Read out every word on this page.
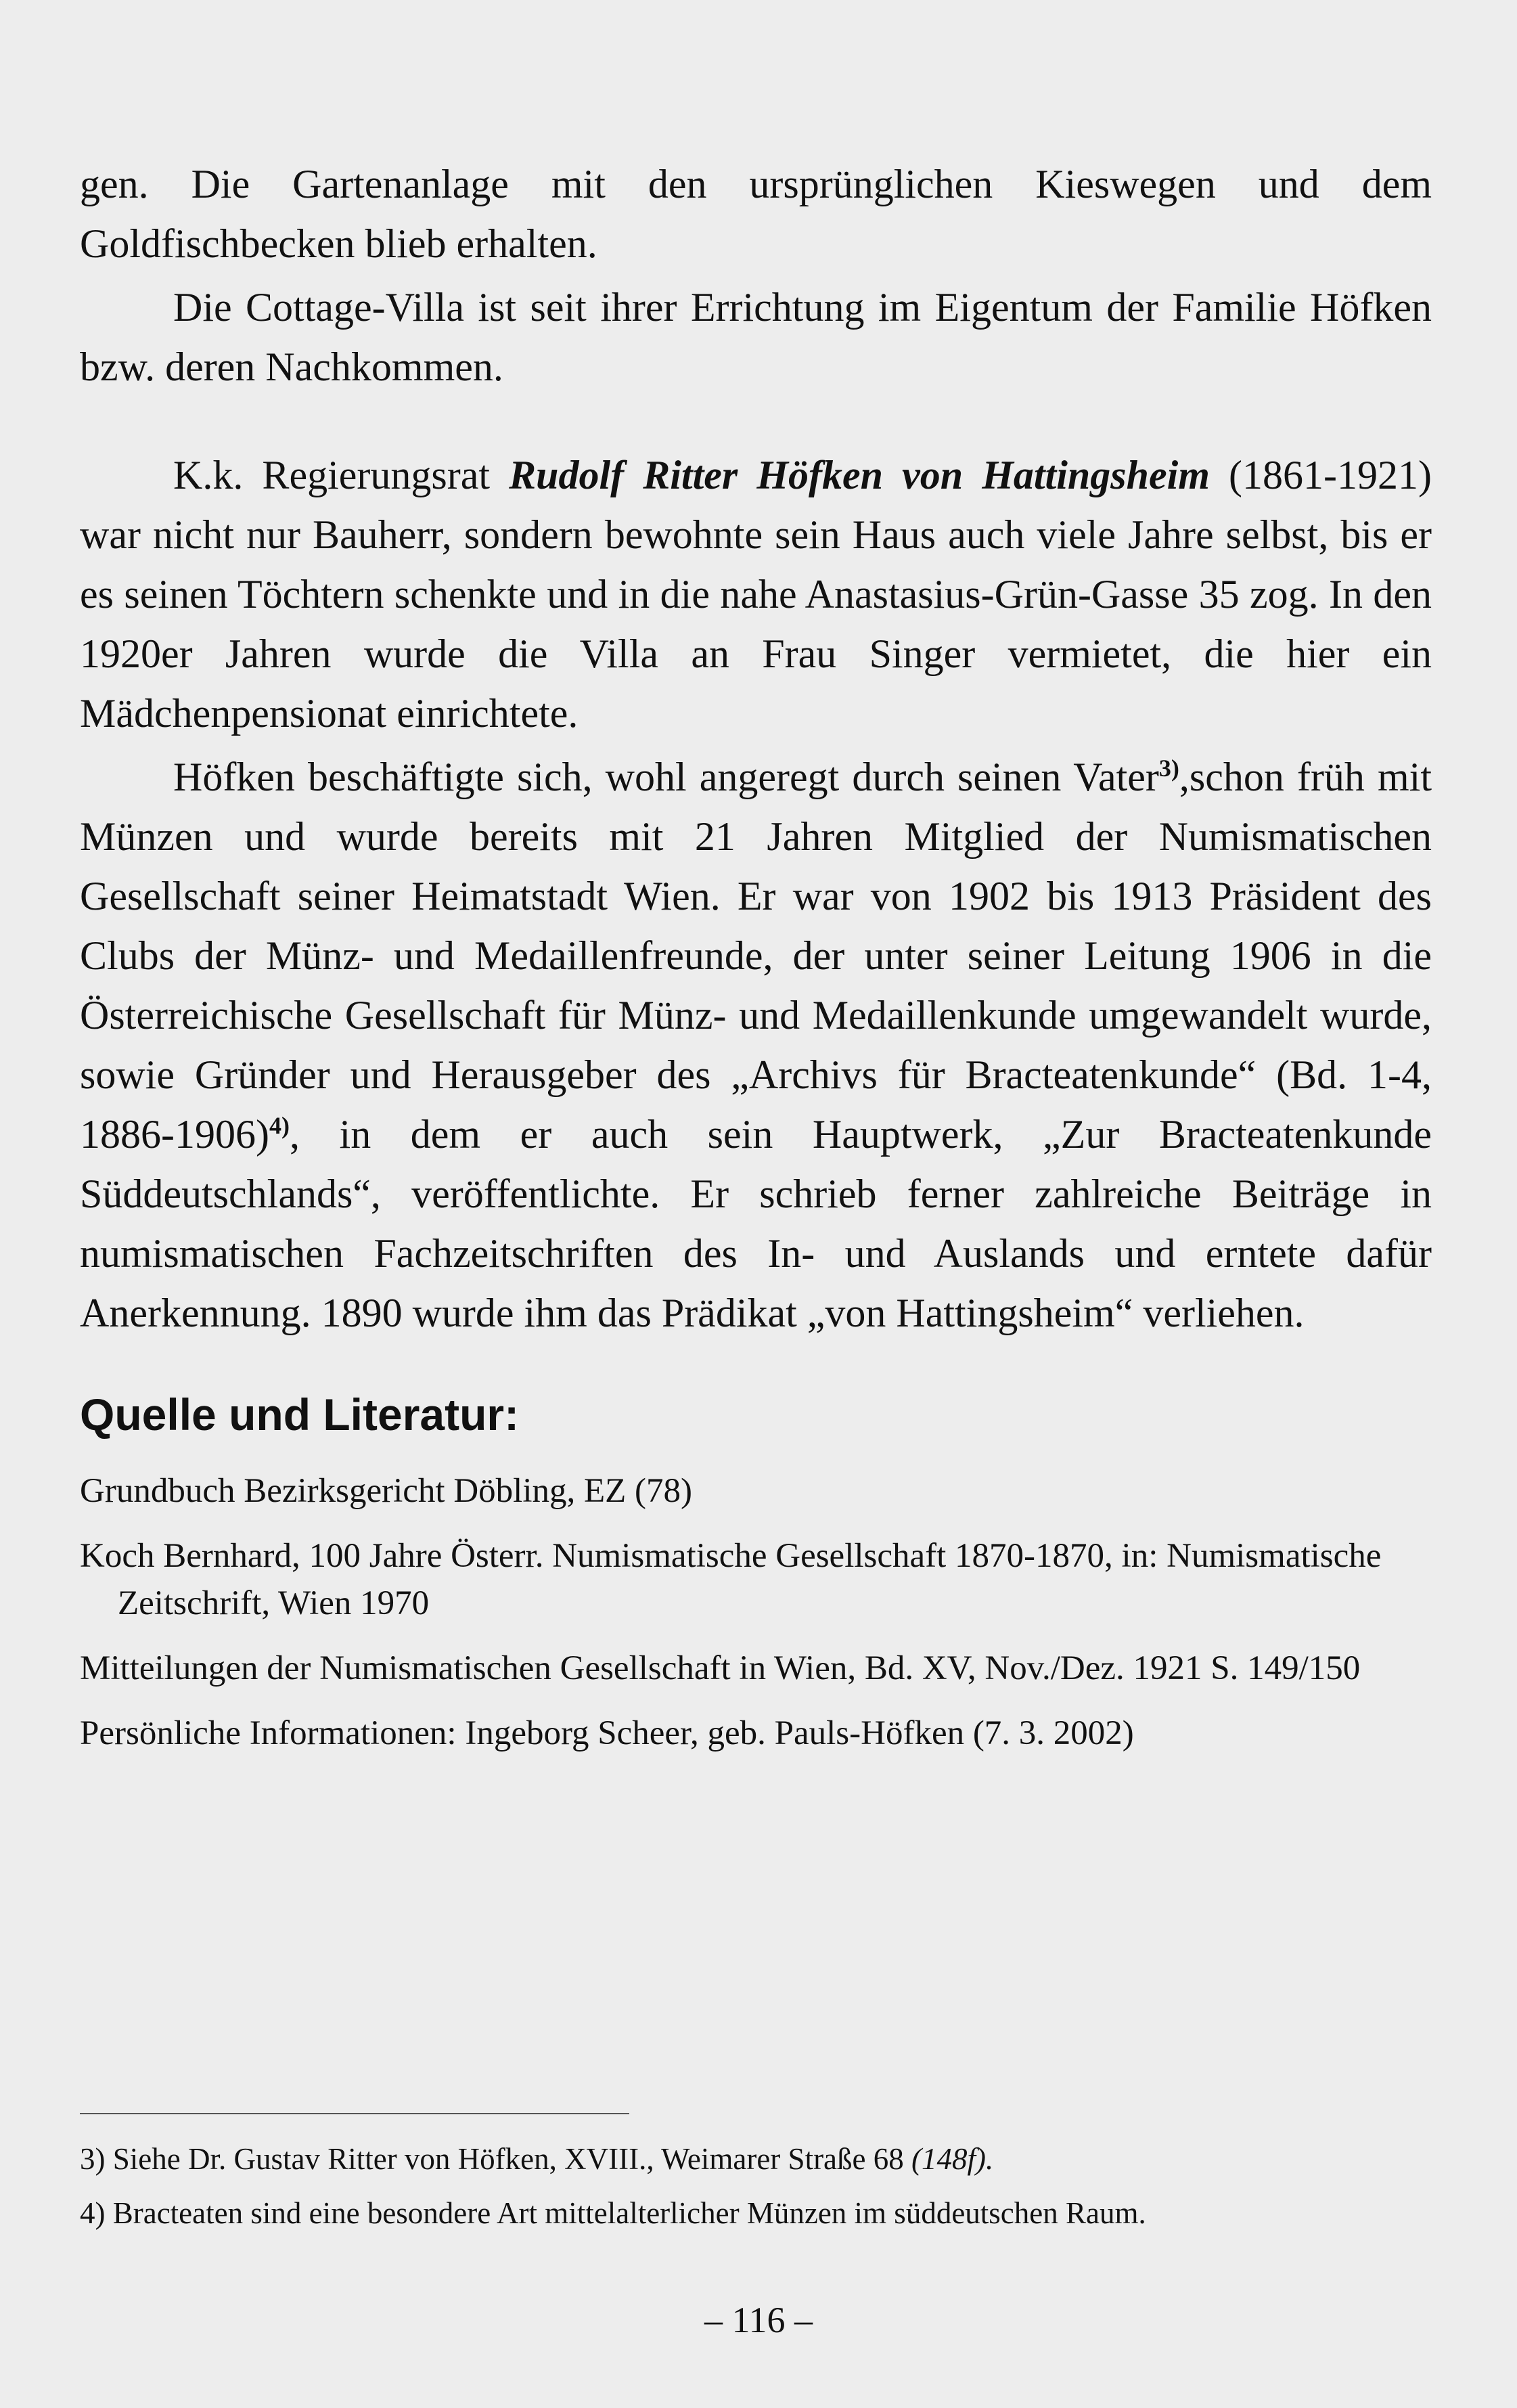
gen. Die Gartenanlage mit den ursprünglichen Kieswegen und dem Goldfischbecken blieb erhalten.

Die Cottage-Villa ist seit ihrer Errichtung im Eigentum der Familie Höfken bzw. deren Nachkommen.

K.k. Regierungsrat Rudolf Ritter Höfken von Hattingsheim (1861-1921) war nicht nur Bauherr, sondern bewohnte sein Haus auch viele Jahre selbst, bis er es seinen Töchtern schenkte und in die nahe Anastasius-Grün-Gasse 35 zog. In den 1920er Jahren wurde die Villa an Frau Singer vermietet, die hier ein Mädchenpensionat einrichtete.

Höfken beschäftigte sich, wohl angeregt durch seinen Vater$^{3)}$,schon früh mit Münzen und wurde bereits mit 21 Jahren Mitglied der Numismatischen Gesellschaft seiner Heimatstadt Wien. Er war von 1902 bis 1913 Präsident des Clubs der Münz- und Medaillenfreunde, der unter seiner Leitung 1906 in die Österreichische Gesellschaft für Münz- und Medaillenkunde umgewandelt wurde, sowie Gründer und Herausgeber des „Archivs für Bracteatenkunde“ (Bd. 1-4, 1886-1906)$^{4)}$, in dem er auch sein Hauptwerk, „Zur Bracteatenkunde Süddeutschlands“, veröffentlichte. Er schrieb ferner zahlreiche Beiträge in numismatischen Fachzeitschriften des In- und Auslands und erntete dafür Anerkennung. 1890 wurde ihm das Prädikat „von Hattingsheim“ verliehen.

Quelle und Literatur:

Grundbuch Bezirksgericht Döbling, EZ (78)

Koch Bernhard, 100 Jahre Österr. Numismatische Gesellschaft 1870-1870, in: Numismatische Zeitschrift, Wien 1970

Mitteilungen der Numismatischen Gesellschaft in Wien, Bd. XV, Nov./Dez. 1921 S. 149/150

Persönliche Informationen: Ingeborg Scheer, geb. Pauls-Höfken (7. 3. 2002)

3) Siehe Dr. Gustav Ritter von Höfken, XVIII., Weimarer Straße 68 (148f).

4) Bracteaten sind eine besondere Art mittelalterlicher Münzen im süddeutschen Raum.

– 116 –
